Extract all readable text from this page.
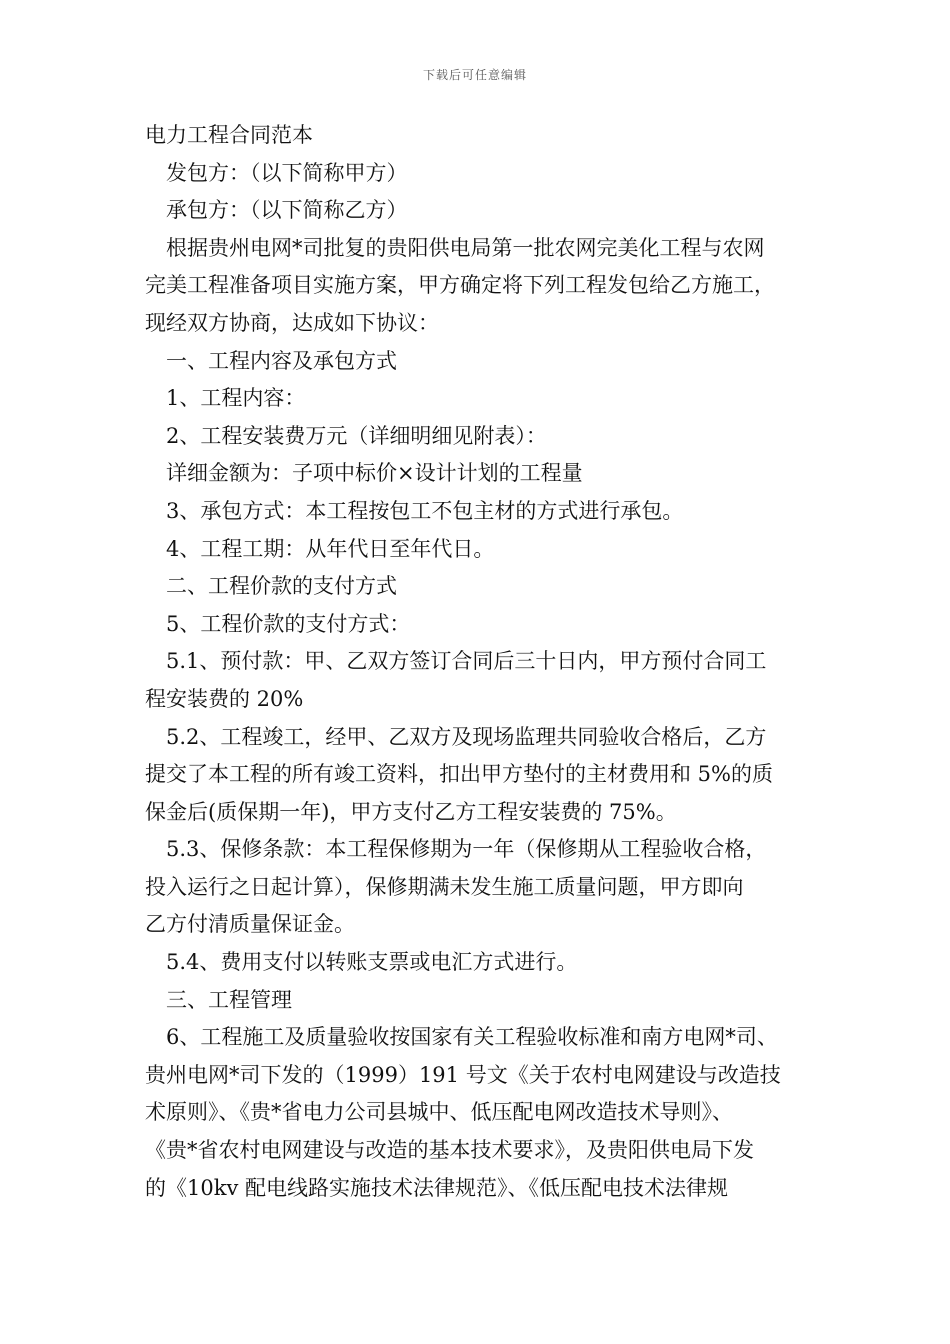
下载后可任意编辑
电力工程合同范本
发包方：（以下简称甲方）
承包方：（以下简称乙方）
根据贵州电网*司批复的贵阳供电局第一批农网完美化工程与农网
完美工程准备项目实施方案，甲方确定将下列工程发包给乙方施工，
现经双方协商，达成如下协议：
一、工程内容及承包方式
1、工程内容：
2、工程安装费万元（详细明细见附表）：
详细金额为：子项中标价×设计计划的工程量
3、承包方式：本工程按包工不包主材的方式进行承包。
4、工程工期：从年代日至年代日。
二、工程价款的支付方式
5、工程价款的支付方式：
5.1、预付款：甲、乙双方签订合同后三十日内，甲方预付合同工
程安装费的 20%
5.2、工程竣工，经甲、乙双方及现场监理共同验收合格后，乙方
提交了本工程的所有竣工资料，扣出甲方垫付的主材费用和 5%的质
保金后(质保期一年)，甲方支付乙方工程安装费的 75%。
5.3、保修条款：本工程保修期为一年（保修期从工程验收合格，
投入运行之日起计算），保修期满未发生施工质量问题，甲方即向
乙方付清质量保证金。
5.4、费用支付以转账支票或电汇方式进行。
三、工程管理
6、工程施工及质量验收按国家有关工程验收标准和南方电网*司、
贵州电网*司下发的（1999）191 号文《关于农村电网建设与改造技
术原则》、《贵*省电力公司县城中、低压配电网改造技术导则》、
《贵*省农村电网建设与改造的基本技术要求》，及贵阳供电局下发
的《10kv 配电线路实施技术法律规范》、《低压配电技术法律规
